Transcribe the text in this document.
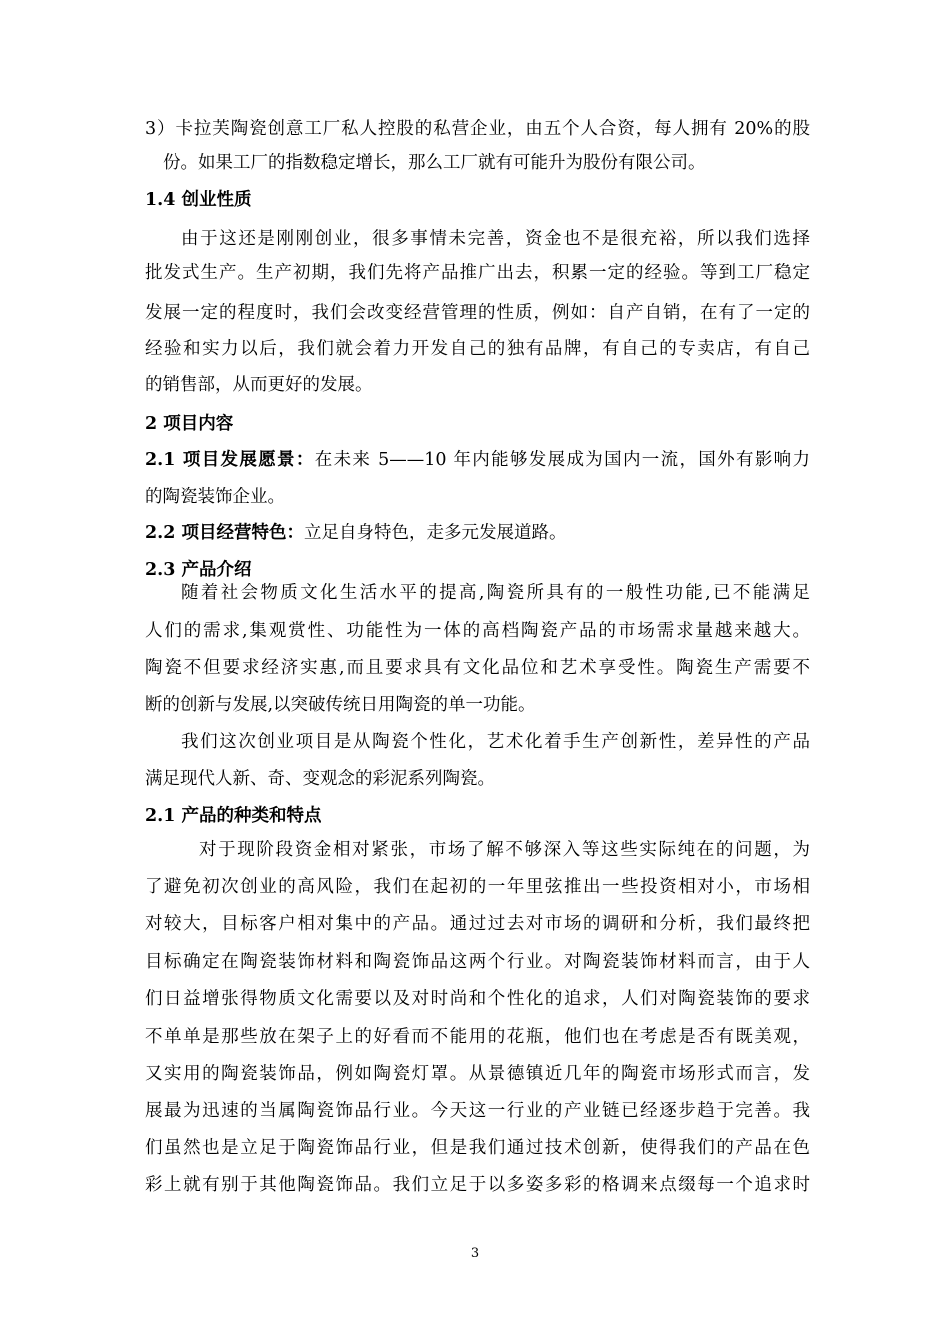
3）卡拉芙陶瓷创意工厂私人控股的私营企业，由五个人合资，每人拥有 20%的股
份。如果工厂的指数稳定增长，那么工厂就有可能升为股份有限公司。
1.4 创业性质
由于这还是刚刚创业，很多事情未完善，资金也不是很充裕，所以我们选择
批发式生产。生产初期，我们先将产品推广出去，积累一定的经验。等到工厂稳定
发展一定的程度时，我们会改变经营管理的性质，例如：自产自销，在有了一定的
经验和实力以后，我们就会着力开发自己的独有品牌，有自己的专卖店，有自己
的销售部，从而更好的发展。
2 项目内容
2.1 项目发展愿景：在未来 5——10 年内能够发展成为国内一流，国外有影响力
的陶瓷装饰企业。
2.2 项目经营特色：立足自身特色，走多元发展道路。
2.3 产品介绍
随着社会物质文化生活水平的提高,陶瓷所具有的一般性功能,已不能满足
人们的需求,集观赏性、功能性为一体的高档陶瓷产品的市场需求量越来越大。
陶瓷不但要求经济实惠,而且要求具有文化品位和艺术享受性。陶瓷生产需要不
断的创新与发展,以突破传统日用陶瓷的单一功能。
我们这次创业项目是从陶瓷个性化，艺术化着手生产创新性，差异性的产品
满足现代人新、奇、变观念的彩泥系列陶瓷。
2.1 产品的种类和特点
对于现阶段资金相对紧张，市场了解不够深入等这些实际纯在的问题，为
了避免初次创业的高风险，我们在起初的一年里弦推出一些投资相对小，市场相
对较大，目标客户相对集中的产品。通过过去对市场的调研和分析，我们最终把
目标确定在陶瓷装饰材料和陶瓷饰品这两个行业。对陶瓷装饰材料而言，由于人
们日益增张得物质文化需要以及对时尚和个性化的追求，人们对陶瓷装饰的要求
不单单是那些放在架子上的好看而不能用的花瓶，他们也在考虑是否有既美观，
又实用的陶瓷装饰品，例如陶瓷灯罩。从景德镇近几年的陶瓷市场形式而言，发
展最为迅速的当属陶瓷饰品行业。今天这一行业的产业链已经逐步趋于完善。我
们虽然也是立足于陶瓷饰品行业，但是我们通过技术创新，使得我们的产品在色
彩上就有别于其他陶瓷饰品。我们立足于以多姿多彩的格调来点缀每一个追求时
3
